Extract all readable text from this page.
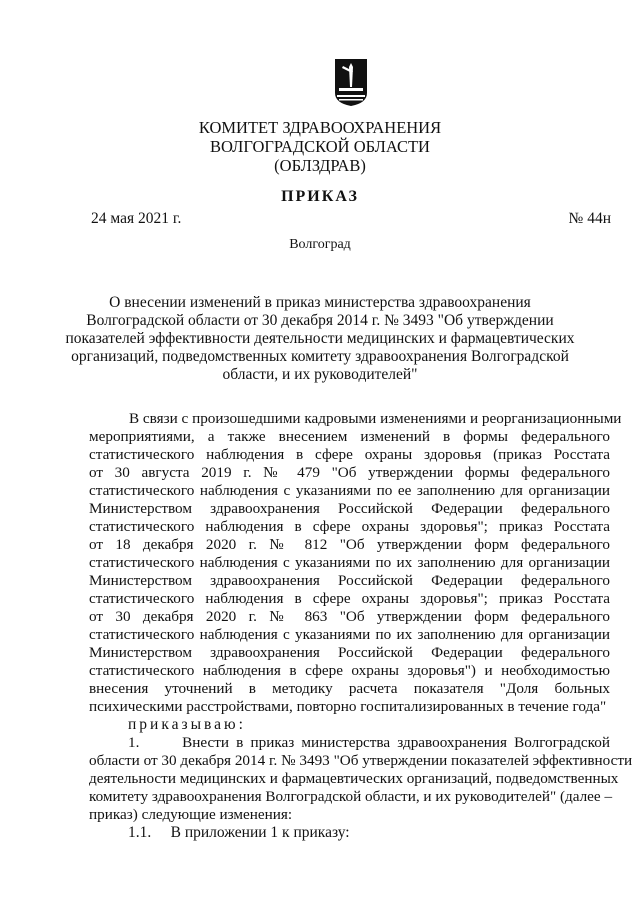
КОМИТЕТ ЗДРАВООХРАНЕНИЯ
ВОЛГОГРАДСКОЙ ОБЛАСТИ
(ОБЛЗДРАВ)
ПРИКАЗ
24 мая 2021 г.	№ 44н
Волгоград
О внесении изменений в приказ министерства здравоохранения
Волгоградской области от 30 декабря 2014 г. № 3493 "Об утверждении
показателей эффективности деятельности медицинских и фармацевтических
организаций, подведомственных комитету здравоохранения Волгоградской
области, и их руководителей"
В связи с произошедшими кадровыми изменениями и реорганизационными
мероприятиями, а также внесением изменений в формы федерального
статистического наблюдения в сфере охраны здоровья (приказ Росстата
от 30 августа 2019 г. № 479 "Об утверждении формы федерального
статистического наблюдения с указаниями по ее заполнению для организации
Министерством здравоохранения Российской Федерации федерального
статистического наблюдения в сфере охраны здоровья"; приказ Росстата
от 18 декабря 2020 г. № 812 "Об утверждении форм федерального
статистического наблюдения с указаниями по их заполнению для организации
Министерством здравоохранения Российской Федерации федерального
статистического наблюдения в сфере охраны здоровья"; приказ Росстата
от 30 декабря 2020 г. № 863 "Об утверждении форм федерального
статистического наблюдения с указаниями по их заполнению для организации
Министерством здравоохранения Российской Федерации федерального
статистического наблюдения в сфере охраны здоровья") и необходимостью
внесения уточнений в методику расчета показателя "Доля больных
психическими расстройствами, повторно госпитализированных в течение года"
приказываю:
1.      Внести в приказ министерства здравоохранения Волгоградской
области от 30 декабря 2014 г. № 3493 "Об утверждении показателей эффективности
деятельности медицинских и фармацевтических организаций, подведомственных
комитету здравоохранения Волгоградской области, и их руководителей" (далее –
приказ) следующие изменения:
1.1.     В приложении 1 к приказу:
